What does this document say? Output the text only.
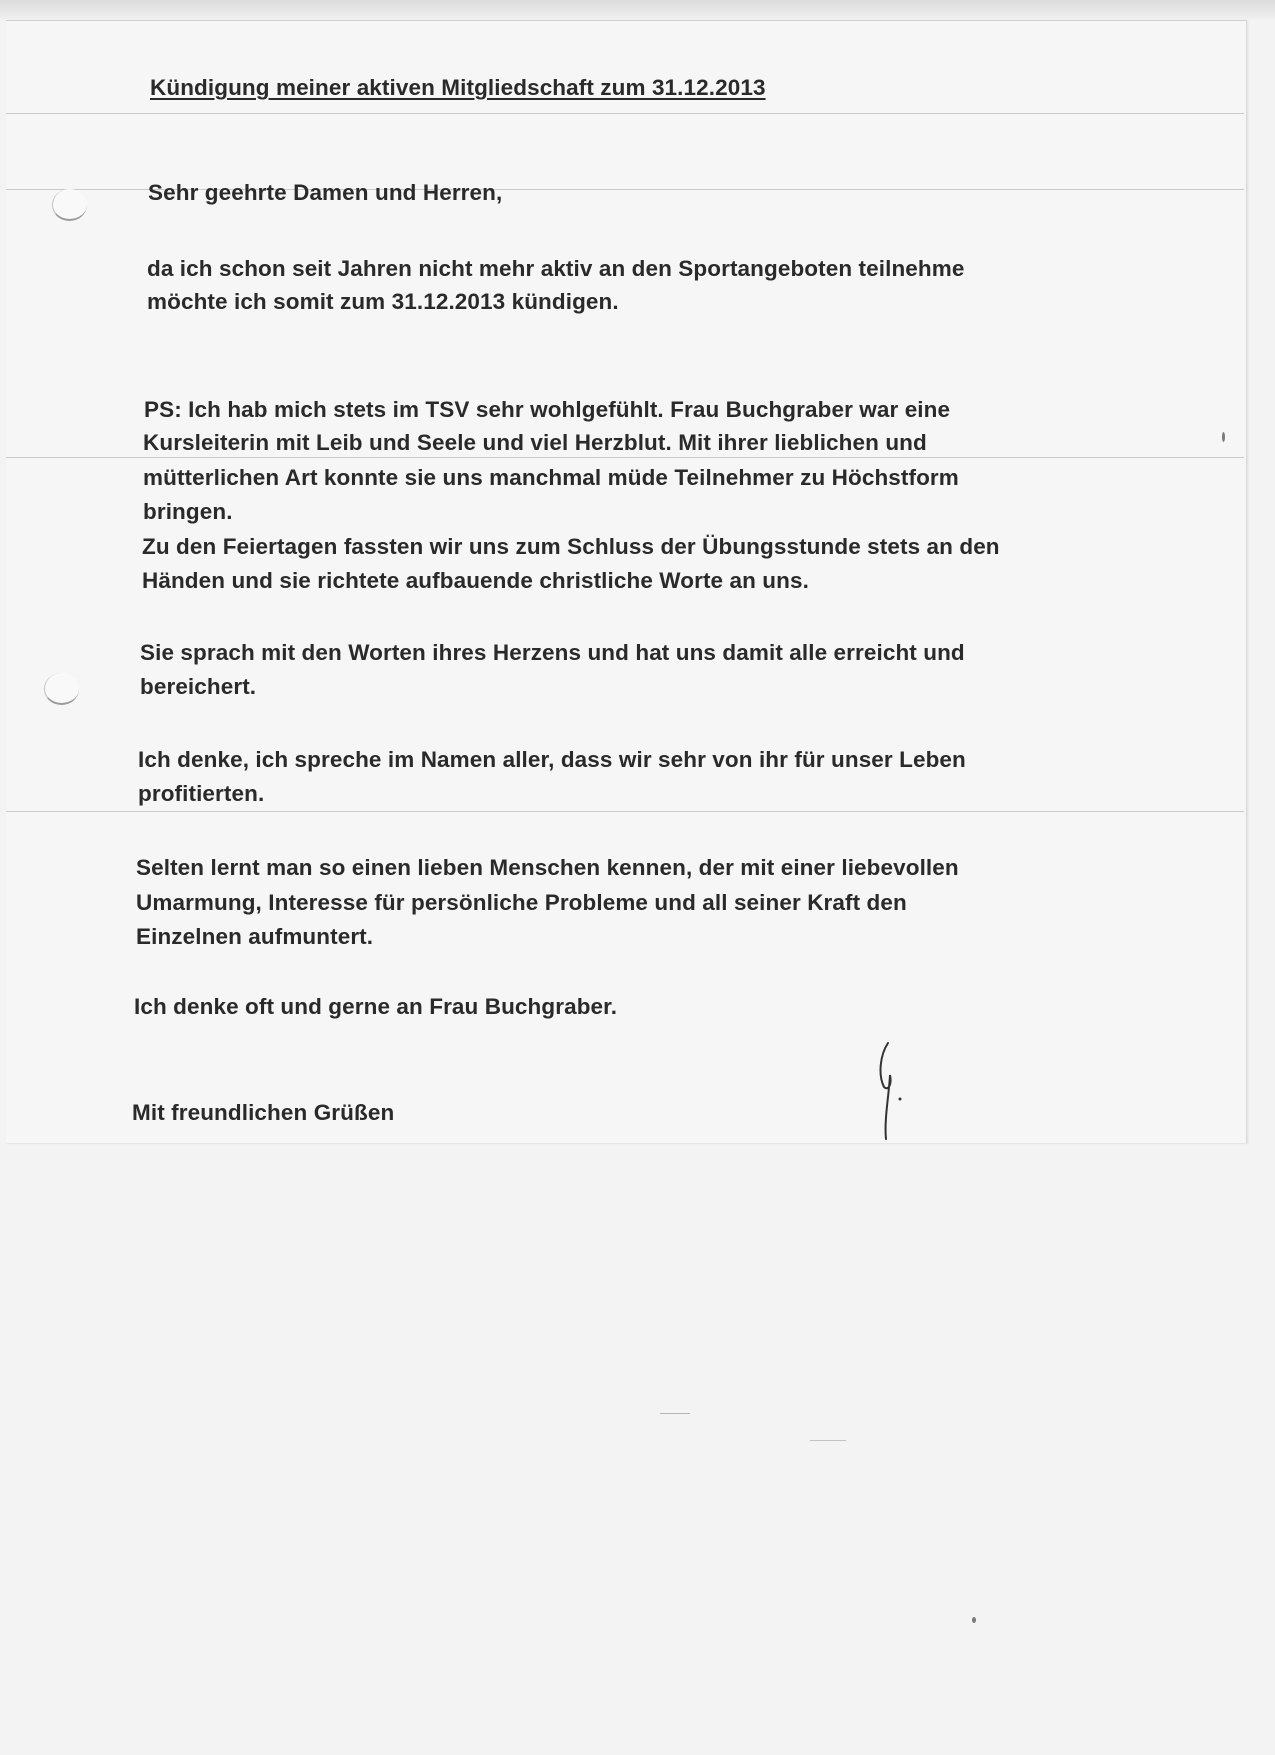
Kündigung meiner aktiven Mitgliedschaft zum 31.12.2013
Sehr geehrte Damen und Herren,
da ich schon seit Jahren nicht mehr aktiv an den Sportangeboten teilnehme
möchte ich somit zum 31.12.2013 kündigen.
PS: Ich hab mich stets im TSV sehr wohlgefühlt. Frau Buchgraber war eine
Kursleiterin mit Leib und Seele und viel Herzblut. Mit ihrer lieblichen und
mütterlichen Art konnte sie uns manchmal müde Teilnehmer zu Höchstform
bringen.
Zu den Feiertagen fassten wir uns zum Schluss der Übungsstunde stets an den
Händen und sie richtete aufbauende christliche Worte an uns.
Sie sprach mit den Worten ihres Herzens und hat uns damit alle erreicht und
bereichert.
Ich denke, ich spreche im Namen aller, dass wir sehr von ihr für unser Leben
profitierten.
Selten lernt man so einen lieben Menschen kennen, der mit einer liebevollen
Umarmung, Interesse für persönliche Probleme und all seiner Kraft den
Einzelnen aufmuntert.
Ich denke oft und gerne an Frau Buchgraber.
Mit freundlichen Grüßen
